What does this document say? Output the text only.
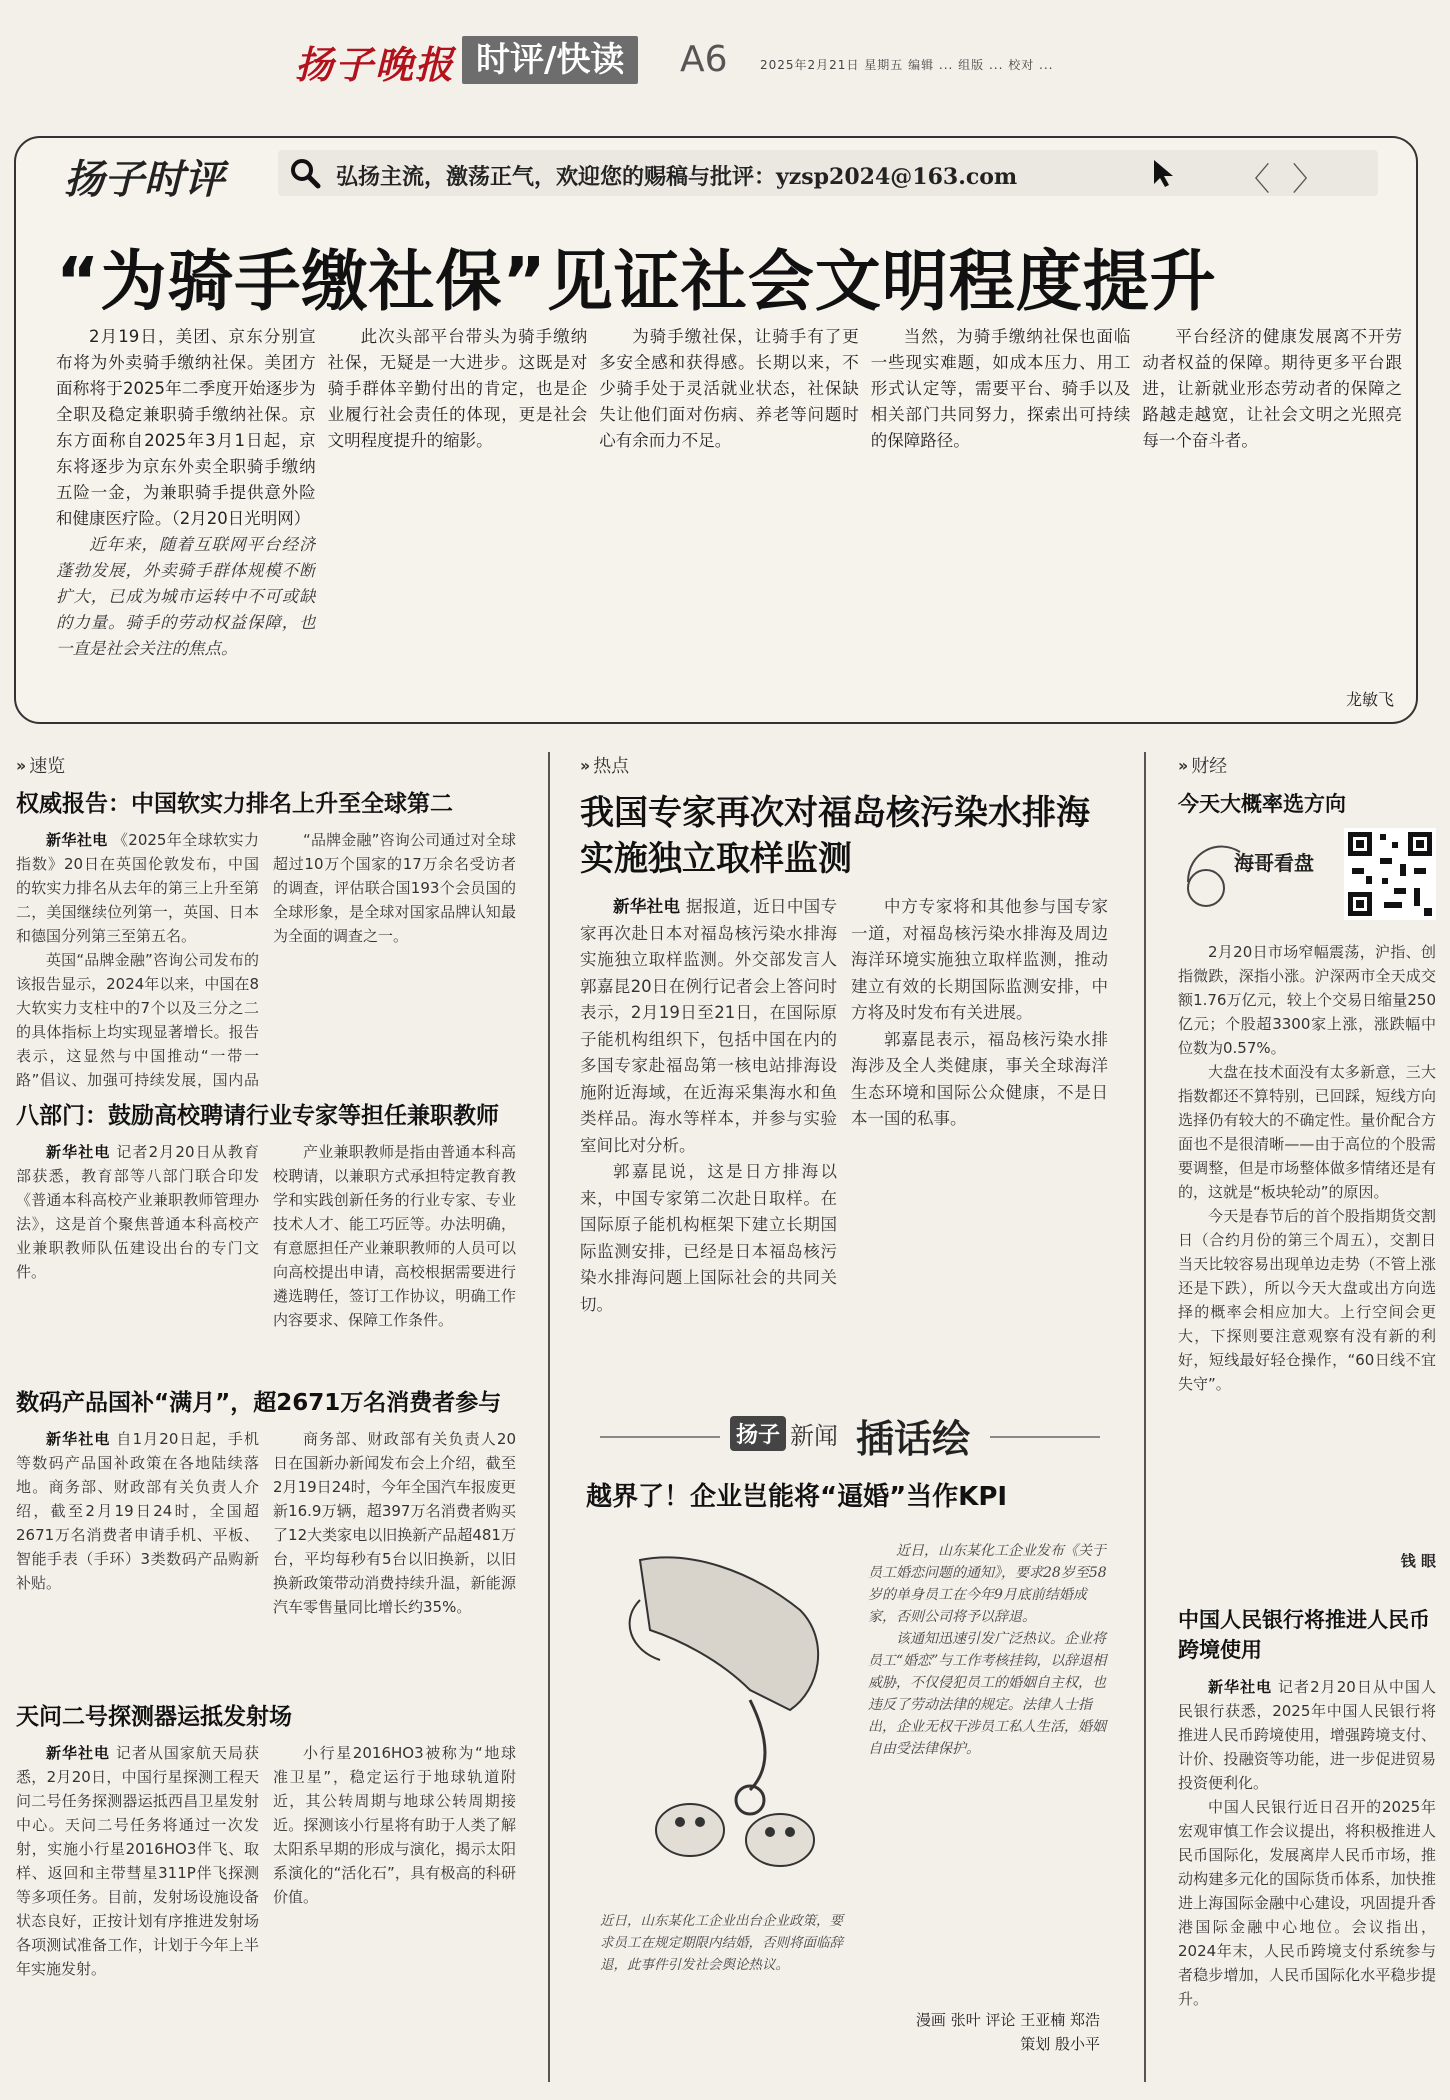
扬子晚报 时评/快读	A6	2025年2月21日 星期五 编辑 ... 组版 ... 校对 ...
扬子时评	弘扬主流，激荡正气，欢迎您的赐稿与批评：yzsp2024@163.com	〈 〉
“为骑手缴社保”见证社会文明程度提升

2月19日，美团、京东分别宣布将为外卖骑手缴纳社保。美团方面称将于2025年二季度开始逐步为全职及稳定兼职骑手缴纳社保。京东方面称自2025年3月1日起，京东将逐步为京东外卖全职骑手缴纳五险一金，为兼职骑手提供意外险和健康医疗险。（2月20日光明网）

近年来，随着互联网平台经济蓬勃发展，外卖骑手群体规模不断扩大，已成为城市运转中不可或缺的力量。骑手的劳动权益保障，也一直是社会关注的焦点。

此次头部平台带头为骑手缴纳社保，无疑是一大进步。这既是对骑手群体辛勤付出的肯定，也是企业履行社会责任的体现，更是社会文明程度提升的缩影。

为骑手缴社保，让骑手有了更多安全感和获得感。长期以来，不少骑手处于灵活就业状态，社保缺失让他们面对伤病、养老等问题时心有余而力不足。

当然，为骑手缴纳社保也面临一些现实难题，如成本压力、用工形式认定等，需要平台、骑手以及相关部门共同努力，探索出可持续的保障路径。

平台经济的健康发展离不开劳动者权益的保障。期待更多平台跟进，让新就业形态劳动者的保障之路越走越宽，让社会文明之光照亮每一个奋斗者。

龙敏飞
›› 速览
权威报告：中国软实力排名上升至全球第二

新华社电 《2025年全球软实力指数》20日在英国伦敦发布，中国的软实力排名从去年的第三上升至第二，美国继续位列第一，英国、日本和德国分列第三至第五名。

英国“品牌金融”咨询公司发布的该报告显示，2024年以来，中国在8大软实力支柱中的7个以及三分之二的具体指标上均实现显著增长。报告表示，这显然与中国推动“一带一路”倡议、加强可持续发展，国内品

“品牌金融”咨询公司通过对全球超过10万个国家的17万余名受访者的调查，评估联合国193个会员国的全球形象，是全球对国家品牌认知最为全面的调查之一。

八部门：鼓励高校聘请行业专家等担任兼职教师

新华社电 记者2月20日从教育部获悉，教育部等八部门联合印发《普通本科高校产业兼职教师管理办法》，这是首个聚焦普通本科高校产业兼职教师队伍建设出台的专门文件。

产业兼职教师是指由普通本科高校聘请，以兼职方式承担特定教育教学和实践创新任务的行业专家、专业技术人才、能工巧匠等。办法明确，有意愿担任产业兼职教师的人员可以向高校提出申请，高校根据需要进行遴选聘任，签订工作协议，明确工作内容要求、保障工作条件。

数码产品国补“满月”，超2671万名消费者参与

新华社电 自1月20日起，手机等数码产品国补政策在各地陆续落地。商务部、财政部有关负责人介绍，截至2月19日24时，全国超2671万名消费者申请手机、平板、智能手表（手环）3类数码产品购新补贴。

商务部、财政部有关负责人20日在国新办新闻发布会上介绍，截至2月19日24时，今年全国汽车报废更新16.9万辆，超397万名消费者购买了12大类家电以旧换新产品超481万台，平均每秒有5台以旧换新，以旧换新政策带动消费持续升温，新能源汽车零售量同比增长约35%。

天问二号探测器运抵发射场

新华社电 记者从国家航天局获悉，2月20日，中国行星探测工程天问二号任务探测器运抵西昌卫星发射中心。天问二号任务将通过一次发射，实施小行星2016HO3伴飞、取样、返回和主带彗星311P伴飞探测等多项任务。目前，发射场设施设备状态良好，正按计划有序推进发射场各项测试准备工作，计划于今年上半年实施发射。

小行星2016HO3被称为“地球准卫星”，稳定运行于地球轨道附近，其公转周期与地球公转周期接近。探测该小行星将有助于人类了解太阳系早期的形成与演化，揭示太阳系演化的“活化石”，具有极高的科研价值。

›› 热点
我国专家再次对福岛核污染水排海实施独立取样监测

新华社电 据报道，近日中国专家再次赴日本对福岛核污染水排海实施独立取样监测。外交部发言人郭嘉昆20日在例行记者会上答问时表示，2月19日至21日，在国际原子能机构组织下，包括中国在内的多国专家赴福岛第一核电站排海设施附近海域，在近海采集海水和鱼类样品。海水等样本，并参与实验室间比对分析。

郭嘉昆说，这是日方排海以来，中国专家第二次赴日取样。在国际原子能机构框架下建立长期国际监测安排，已经是日本福岛核污染水排海问题上国际社会的共同关切。

中方专家将和其他参与国专家一道，对福岛核污染水排海及周边海洋环境实施独立取样监测，推动建立有效的长期国际监测安排，中方将及时发布有关进展。

郭嘉昆表示，福岛核污染水排海涉及全人类健康，事关全球海洋生态环境和国际公众健康，不是日本一国的私事。

扬子 新闻 插话绘
越界了！企业岂能将“逼婚”当作KPI

近日，山东某化工企业发布《关于员工婚恋问题的通知》，要求28岁至58岁的单身员工在今年9月底前结婚成家，否则公司将予以辞退。

该通知迅速引发广泛热议。企业将员工“婚恋”与工作考核挂钩，以辞退相威胁，不仅侵犯员工的婚姻自主权，也违反了劳动法律的规定。法律人士指出，企业无权干涉员工私人生活，婚姻自由受法律保护。

近日，山东某化工企业出台企业政策，要求员工在规定期限内结婚，否则将面临辞退，此事件引发社会舆论热议。
漫画 张叶 评论 王亚楠 郑浩
策划 殷小平
›› 财经
今天大概率选方向
海哥看盘

2月20日市场窄幅震荡，沪指、创指微跌，深指小涨。沪深两市全天成交额1.76万亿元，较上个交易日缩量250亿元；个股超3300家上涨，涨跌幅中位数为0.57%。

大盘在技术面没有太多新意，三大指数都还不算特别，已回踩，短线方向选择仍有较大的不确定性。量价配合方面也不是很清晰——由于高位的个股需要调整，但是市场整体做多情绪还是有的，这就是“板块轮动”的原因。

今天是春节后的首个股指期货交割日（合约月份的第三个周五），交割日当天比较容易出现单边走势（不管上涨还是下跌），所以今天大盘或出方向选择的概率会相应加大。上行空间会更大，下探则要注意观察有没有新的利好，短线最好轻仓操作，“60日线不宜失守”。

钱 眼
中国人民银行将推进人民币跨境使用

新华社电 记者2月20日从中国人民银行获悉，2025年中国人民银行将推进人民币跨境使用，增强跨境支付、计价、投融资等功能，进一步促进贸易投资便利化。

中国人民银行近日召开的2025年宏观审慎工作会议提出，将积极推进人民币国际化，发展离岸人民币市场，推动构建多元化的国际货币体系，加快推进上海国际金融中心建设，巩固提升香港国际金融中心地位。会议指出，2024年末，人民币跨境支付系统参与者稳步增加，人民币国际化水平稳步提升。
